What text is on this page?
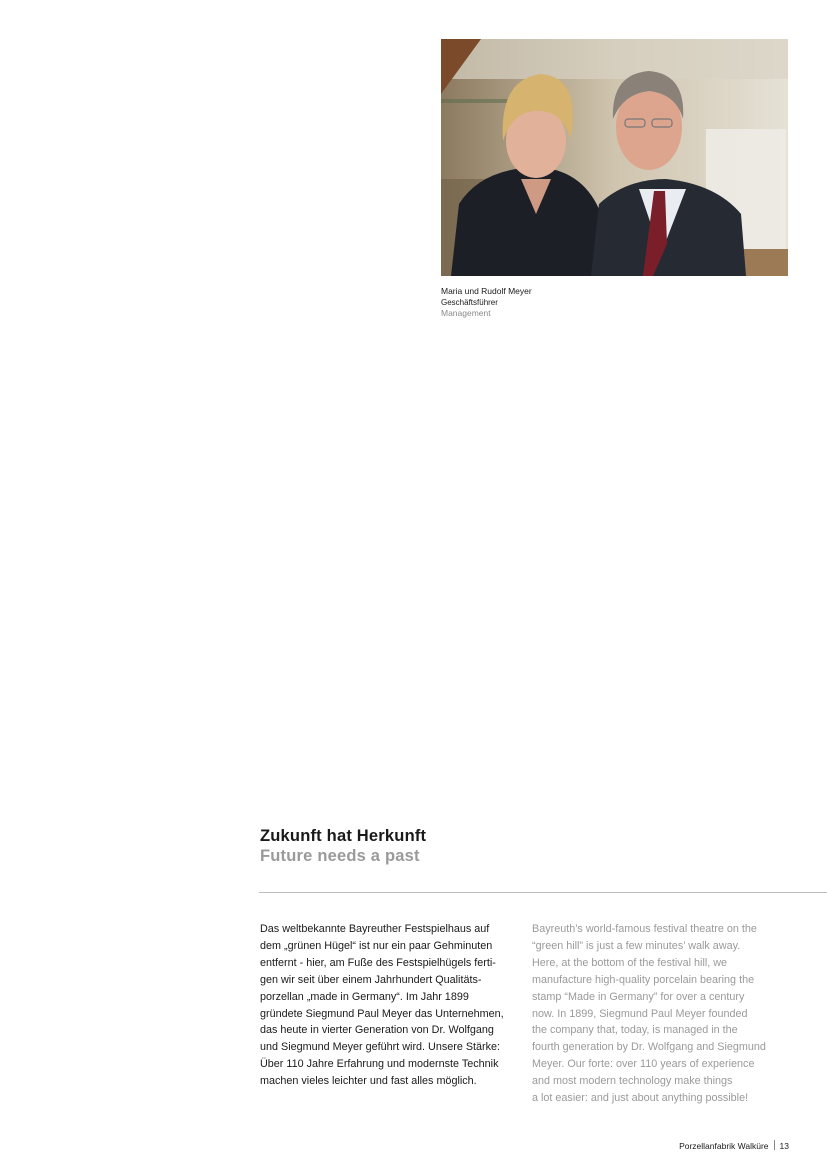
Maria und Rudolf Meyer
Geschäftsführer
Management
Zukunft hat Herkunft
Future needs a past

Das weltbekannte Bayreuther Festspielhaus auf
dem „grünen Hügel“ ist nur ein paar Gehminuten
entfernt - hier, am Fuße des Festspielhügels ferti-
gen wir seit über einem Jahrhundert Qualitäts-
porzellan „made in Germany“. Im Jahr 1899
gründete Siegmund Paul Meyer das Unternehmen,
das heute in vierter Generation von Dr. Wolfgang
und Siegmund Meyer geführt wird. Unsere Stärke:
Über 110 Jahre Erfahrung und modernste Technik
machen vieles leichter und fast alles möglich.

Bayreuth’s world-famous festival theatre on the
“green hill” is just a few minutes’ walk away.
Here, at the bottom of the festival hill, we
manufacture high-quality porcelain bearing the
stamp “Made in Germany” for over a century
now. In 1899, Siegmund Paul Meyer founded
the company that, today, is managed in the
fourth generation by Dr. Wolfgang and Siegmund
Meyer. Our forte: over 110 years of experience
and most modern technology make things
a lot easier: and just about anything possible!

Porzellanfabrik Walküre 13
